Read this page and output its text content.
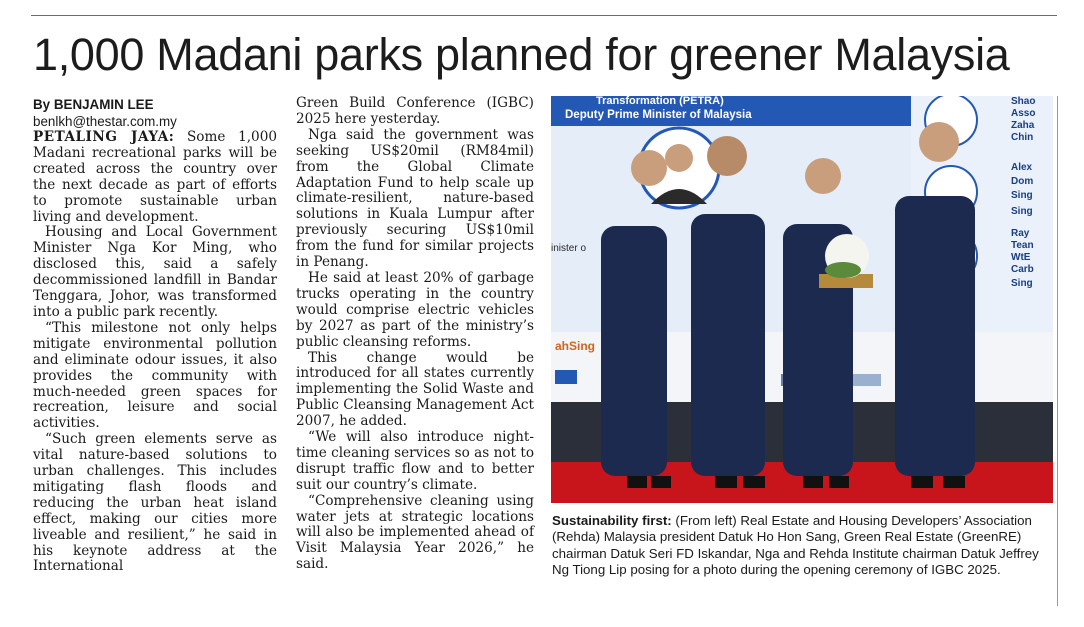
1,000 Madani parks planned for greener Malaysia

By BENJAMIN LEE

benlkh@thestar.com.my

PETALING JAYA: Some 1,000 Madani recreational parks will be created across the country over the next decade as part of efforts to promote sustainable urban living and development.

Housing and Local Government Minister Nga Kor Ming, who disclosed this, said a safely decommissioned landfill in Bandar Tenggara, Johor, was transformed into a public park recently.

“This milestone not only helps mitigate environmental pollution and eliminate odour issues, it also provides the community with much-needed green spaces for recreation, leisure and social activities.

“Such green elements serve as vital nature-based solutions to urban challenges. This includes mitigating flash floods and reducing the urban heat island effect, making our cities more liveable and resilient,” he said in his keynote address at the International

Green Build Conference (IGBC) 2025 here yesterday.

Nga said the government was seeking US$20mil (RM84mil) from the Global Climate Adaptation Fund to help scale up climate-resilient, nature-based solutions in Kuala Lumpur after previously securing US$10mil from the fund for similar projects in Penang.

He said at least 20% of garbage trucks operating in the country would comprise electric vehicles by 2027 as part of the ministry’s public cleansing reforms.

This change would be introduced for all states currently implementing the Solid Waste and Public Cleansing Management Act 2007, he added.

“We will also introduce night-time cleaning services so as not to disrupt traffic flow and to better suit our country’s climate.

“Comprehensive cleaning using water jets at strategic locations will also be implemented ahead of Visit Malaysia Year 2026,” he said.

Transformation (PETRA)
Deputy Prime Minister of Malaysia
inister o
Shao
Asso
Zaha
Chin
Alex
Dom
Sing
Sing
Ray
Tean
WtE
Carb
Sing
ahSing
Sustainability first: (From left) Real Estate and Housing Developers’ Association (Rehda) Malaysia president Datuk Ho Hon Sang, Green Real Estate (GreenRE) chairman Datuk Seri FD Iskandar, Nga and Rehda Institute chairman Datuk Jeffrey Ng Tiong Lip posing for a photo during the opening ceremony of IGBC 2025.
